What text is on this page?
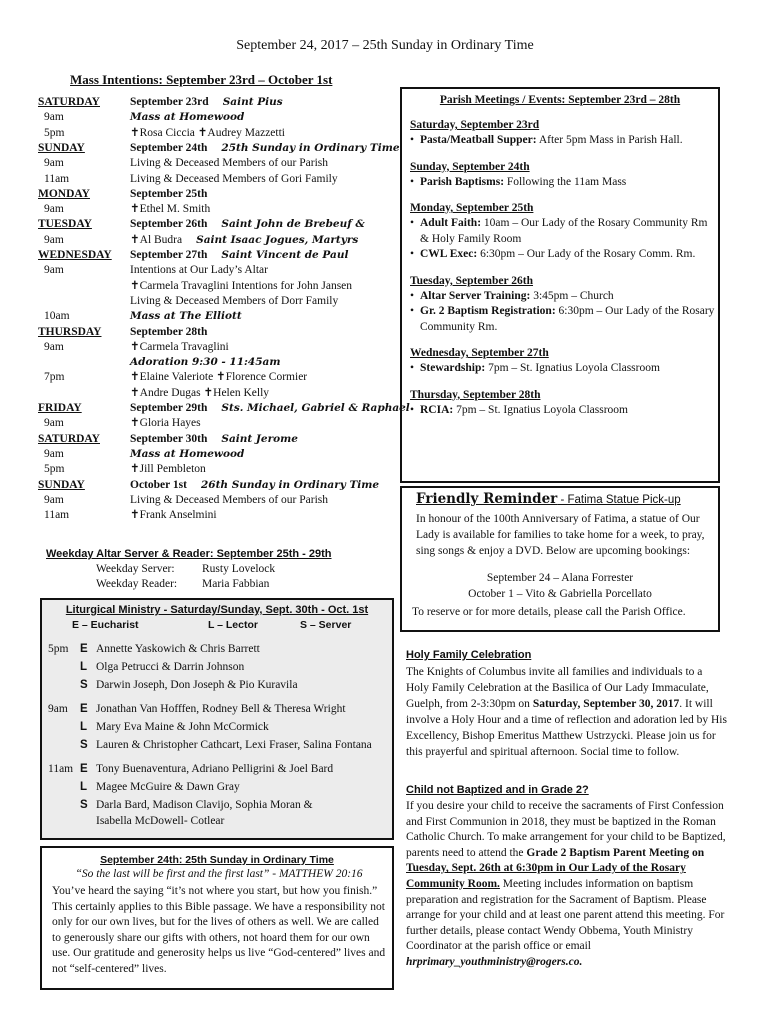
September 24, 2017 – 25th Sunday in Ordinary Time
Mass Intentions: September 23rd – October 1st
SATURDAY	September 23rd Saint Pius
9am	Mass at Homewood
5pm	✝Rosa Ciccia ✝Audrey Mazzetti
SUNDAY	September 24th 25th Sunday in Ordinary Time
9am	Living & Deceased Members of our Parish
11am	Living & Deceased Members of Gori Family
MONDAY	September 25th
9am	✝Ethel M. Smith
TUESDAY	September 26th Saint John de Brebeuf &
9am	✝Al Budra Saint Isaac Jogues, Martyrs
WEDNESDAY September 27th Saint Vincent de Paul
9am	Intentions at Our Lady’s Altar
✝Carmela Travaglini Intentions for John Jansen
Living & Deceased Members of Dorr Family
10am	Mass at The Elliott
THURSDAY September 28th
9am	✝Carmela Travaglini
Adoration 9:30 - 11:45am
7pm	✝Elaine Valeriote ✝Florence Cormier
✝Andre Dugas ✝Helen Kelly
FRIDAY	September 29th Sts. Michael, Gabriel & Raphael
9am	✝Gloria Hayes
SATURDAY	September 30th Saint Jerome
9am	Mass at Homewood
5pm	✝Jill Pembleton
SUNDAY	October 1st 26th Sunday in Ordinary Time
9am	Living & Deceased Members of our Parish
11am	✝Frank Anselmini
Weekday Altar Server & Reader: September 25th - 29th
Weekday Server: Rusty Lovelock
Weekday Reader: Maria Fabbian
Liturgical Ministry - Saturday/Sunday, Sept. 30th - Oct. 1st
E – Eucharist	L – Lector	S – Server
5pm E Annette Yaskowich & Chris Barrett
L Olga Petrucci & Darrin Johnson
S Darwin Joseph, Don Joseph & Pio Kuravila
9am E Jonathan Van Hofffen, Rodney Bell & Theresa Wright
L Mary Eva Maine & John McCormick
S Lauren & Christopher Cathcart, Lexi Fraser, Salina Fontana
11am E Tony Buenaventura, Adriano Pelligrini & Joel Bard
L Magee McGuire & Dawn Gray
S Darla Bard, Madison Clavijo, Sophia Moran &
Isabella McDowell- Cotlear
September 24th: 25th Sunday in Ordinary Time
“So the last will be first and the first last” - MATTHEW 20:16
You’ve heard the saying “it’s not where you start, but how you finish.” This certainly applies to this Bible passage. We have a responsibility not only for our own lives, but for the lives of others as well. We are called to generously share our gifts with others, not hoard them for our own use. Our gratitude and generosity helps us live “God-centered” lives and not “self-centered” lives.
Parish Meetings / Events: September 23rd – 28th
Saturday, September 23rd
• Pasta/Meatball Supper: After 5pm Mass in Parish Hall.
Sunday, September 24th
• Parish Baptisms: Following the 11am Mass
Monday, September 25th
• Adult Faith: 10am – Our Lady of the Rosary Community Rm & Holy Family Room
• CWL Exec: 6:30pm – Our Lady of the Rosary Comm. Rm.
Tuesday, September 26th
• Altar Server Training: 3:45pm – Church
• Gr. 2 Baptism Registration: 6:30pm – Our Lady of the Rosary Community Rm.
Wednesday, September 27th
• Stewardship: 7pm – St. Ignatius Loyola Classroom
Thursday, September 28th
• RCIA: 7pm – St. Ignatius Loyola Classroom
Friendly Reminder - Fatima Statue Pick-up
In honour of the 100th Anniversary of Fatima, a statue of Our Lady is available for families to take home for a week, to pray, sing songs & enjoy a DVD. Below are upcoming bookings:
September 24 – Alana Forrester
October 1 – Vito & Gabriella Porcellato
To reserve or for more details, please call the Parish Office.
Holy Family Celebration
The Knights of Columbus invite all families and individuals to a Holy Family Celebration at the Basilica of Our Lady Immaculate, Guelph, from 2-3:30pm on Saturday, September 30, 2017. It will involve a Holy Hour and a time of reflection and adoration led by His Excellency, Bishop Emeritus Matthew Ustrzycki. Please join us for this prayerful and spiritual afternoon. Social time to follow.
Child not Baptized and in Grade 2?
If you desire your child to receive the sacraments of First Confession and First Communion in 2018, they must be baptized in the Roman Catholic Church. To make arrangement for your child to be Baptized, parents need to attend the Grade 2 Baptism Parent Meeting on Tuesday, Sept. 26th at 6:30pm in Our Lady of the Rosary Community Room. Meeting includes information on baptism preparation and registration for the Sacrament of Baptism. Please arrange for your child and at least one parent attend this meeting. For further details, please contact Wendy Obbema, Youth Ministry Coordinator at the parish office or email hrprimary_youthministry@rogers.co.
